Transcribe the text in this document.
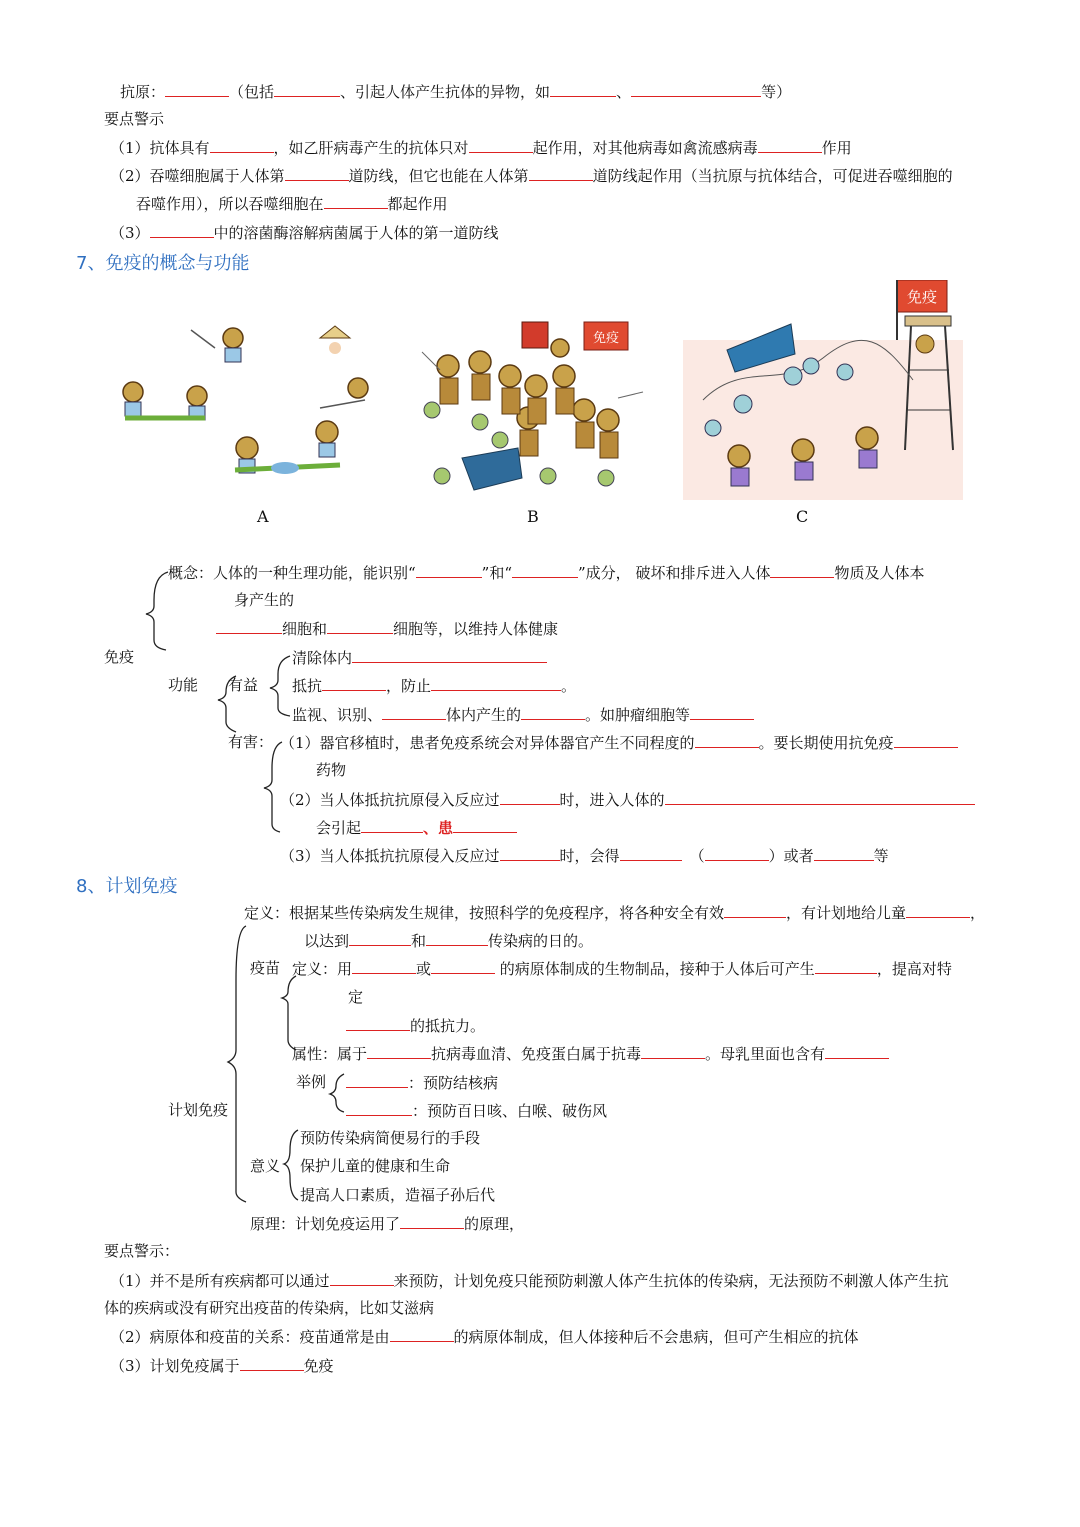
抗原：	（包括	、引起人体产生抗体的异物，如	、	等）
要点警示
（1）抗体具有	，如乙肝病毒产生的抗体只对	起作用，对其他病毒如禽流感病毒	作用
（2）吞噬细胞属于人体第	道防线，但它也能在人体第	道防线起作用（当抗原与抗体结合，可促进吞噬细胞的
吞噬作用），所以吞噬细胞在	都起作用
（3）	中的溶菌酶溶解病菌属于人体的第一道防线
7、免疫的概念与功能
免疫
免疫
A	B	C
概念：人体的一种生理功能，能识别“	”和“	”成分， 破坏和排斥进入人体	物质及人体本
身产生的
细胞和	细胞等，以维持人体健康
免疫
功能 有益
清除体内
抵抗	，防止	。
监视、识别、	体内产生的	。如肿瘤细胞等
有害： （1）器官移植时，患者免疫系统会对异体器官产生不同程度的	。要长期使用抗免疫
药物
（2）当人体抵抗抗原侵入反应过	时，进入人体的
会引起	、患
（3）当人体抵抗抗原侵入反应过	时，会得	（	）或者	等
8、计划免疫
定义：根据某些传染病发生规律，按照科学的免疫程序，将各种安全有效	，有计划地给儿童	，
以达到	和	传染病的日的。
疫苗 定义：用	或	的病原体制成的生物制品，接种于人体后可产生	，提高对特
定
的抵抗力。
属性：属于	抗病毒血清、免疫蛋白属于抗毒	。母乳里面也含有
举例	：预防结核病
：预防百日咳、白喉、破伤风
计划免疫
预防传染病简便易行的手段
意义 保护儿童的健康和生命
提高人口素质，造福子孙后代
原理：计划免疫运用了	的原理，
要点警示：
（1）并不是所有疾病都可以通过	来预防，计划免疫只能预防刺激人体产生抗体的传染病，无法预防不刺激人体产生抗
体的疾病或没有研究出疫苗的传染病，比如艾滋病
（2）病原体和疫苗的关系：疫苗通常是由	的病原体制成，但人体接种后不会患病，但可产生相应的抗体
（3）计划免疫属于	免疫
